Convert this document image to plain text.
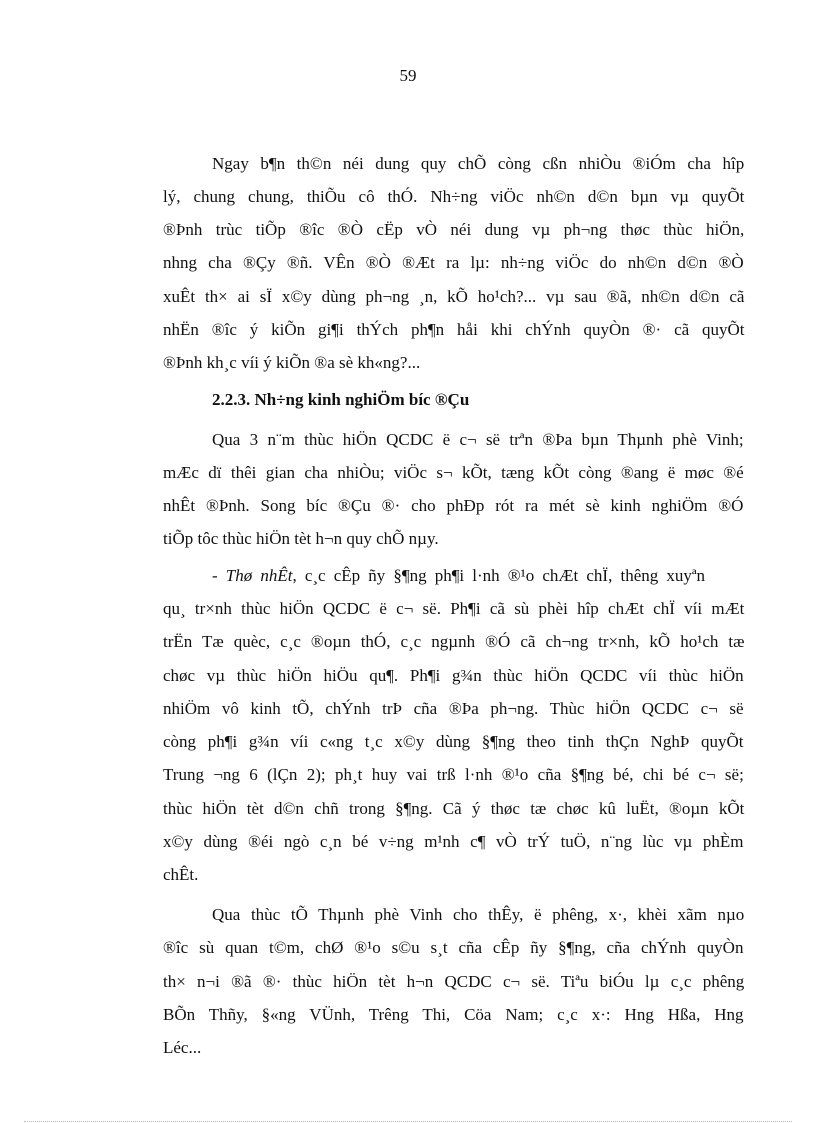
59
Ngay b¶n th©n néi dung quy chÕ còng cßn nhiÒu ®iÓm cha hîp
lý, chung chung, thiÕu cô thÓ. Nh÷ng viÖc nh©n d©n bµn vµ quyÕt
®Þnh trùc tiÕp ®îc ®Ò cËp vÒ néi dung vµ ph¬ng thøc thùc hiÖn,
nhng cha ®Çy ®ñ. VÊn ®Ò ®Æt ra lµ: nh÷ng viÖc do nh©n d©n ®Ò
xuÊt th× ai sÏ x©y dùng ph¬ng ¸n, kÕ ho¹ch?... vµ sau ®ã, nh©n d©n cã
nhËn ®îc ý kiÕn gi¶i thÝch ph¶n håi khi chÝnh quyÒn ®· cã quyÕt
®Þnh kh¸c víi ý kiÕn ®a sè kh«ng?...
2.2.3. Nh÷ng kinh nghiÖm bíc ®Çu
Qua 3 n¨m thùc hiÖn QCDC ë c¬ së trªn ®Þa bµn Thµnh phè Vinh;
mÆc dï thêi gian cha nhiÒu; viÖc s¬ kÕt, tæng kÕt còng ®ang ë møc ®é
nhÊt ®Þnh. Song bíc ®Çu ®· cho phÐp rót ra mét sè kinh nghiÖm ®Ó
tiÕp tôc thùc hiÖn tèt h¬n quy chÕ nµy.
- Thø nhÊt, c¸c cÊp ñy §¶ng ph¶i l·nh ®¹o chÆt chÏ, thêng xuyªn
qu¸ tr×nh thùc hiÖn QCDC ë c¬ së. Ph¶i cã sù phèi hîp chÆt chÏ víi mÆt
trËn Tæ quèc, c¸c ®oµn thÓ, c¸c ngµnh ®Ó cã ch¬ng tr×nh, kÕ ho¹ch tæ
chøc vµ thùc hiÖn hiÖu qu¶. Ph¶i g¾n thùc hiÖn QCDC víi thùc hiÖn
nhiÖm vô kinh tÕ, chÝnh trÞ cña ®Þa ph¬ng. Thùc hiÖn QCDC c¬ së
còng ph¶i g¾n víi c«ng t¸c x©y dùng §¶ng theo tinh thÇn NghÞ quyÕt
Trung ¬ng 6 (lÇn 2); ph¸t huy vai trß l·nh ®¹o cña §¶ng bé, chi bé c¬ së;
thùc hiÖn tèt d©n chñ trong §¶ng. Cã ý thøc tæ chøc kû luËt, ®oµn kÕt
x©y dùng ®éi ngò c¸n bé v÷ng m¹nh c¶ vÒ trÝ tuÖ, n¨ng lùc vµ phÈm
chÊt.
Qua thùc tÕ Thµnh phè Vinh cho thÊy, ë phêng, x·, khèi xãm nµo
®îc sù quan t©m, chØ ®¹o s©u s¸t cña cÊp ñy §¶ng, cña chÝnh quyÒn
th× n¬i ®ã ®· thùc hiÖn tèt h¬n QCDC c¬ së. Tiªu biÓu lµ c¸c phêng
BÕn Thñy, §«ng VÜnh, Trêng Thi, Cöa Nam; c¸c x·: Hng Hßa, Hng
Léc...
